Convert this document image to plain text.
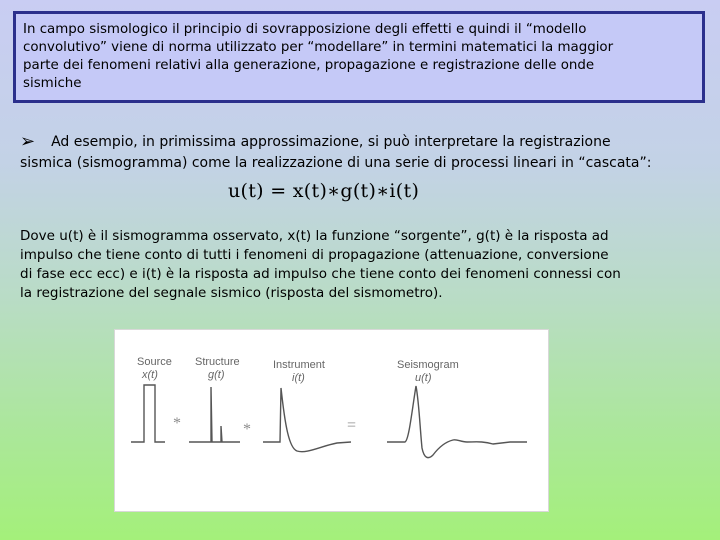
In campo sismologico il principio di sovrapposizione degli effetti e quindi il “modello
convolutivo” viene di norma utilizzato per “modellare” in termini matematici la maggior
parte dei fenomeni relativi alla generazione, propagazione e registrazione delle onde
sismiche
➢ Ad esempio, in primissima approssimazione, si può interpretare la registrazione
sismica (sismogramma) come la realizzazione di una serie di processi lineari in “cascata”:
u(t) = x(t)∗g(t)∗i(t)
Dove u(t) è il sismogramma osservato, x(t) la funzione “sorgente”, g(t) è la risposta ad
impulso che tiene conto di tutti i fenomeni di propagazione (attenuazione, conversione
di fase ecc ecc) e i(t) è la risposta ad impulso che tiene conto dei fenomeni connessi con
la registrazione del segnale sismico (risposta del sismometro).
Source
x(t)
Structure
g(t)
Instrument
i(t)
Seismogram
u(t)
*	*	=
